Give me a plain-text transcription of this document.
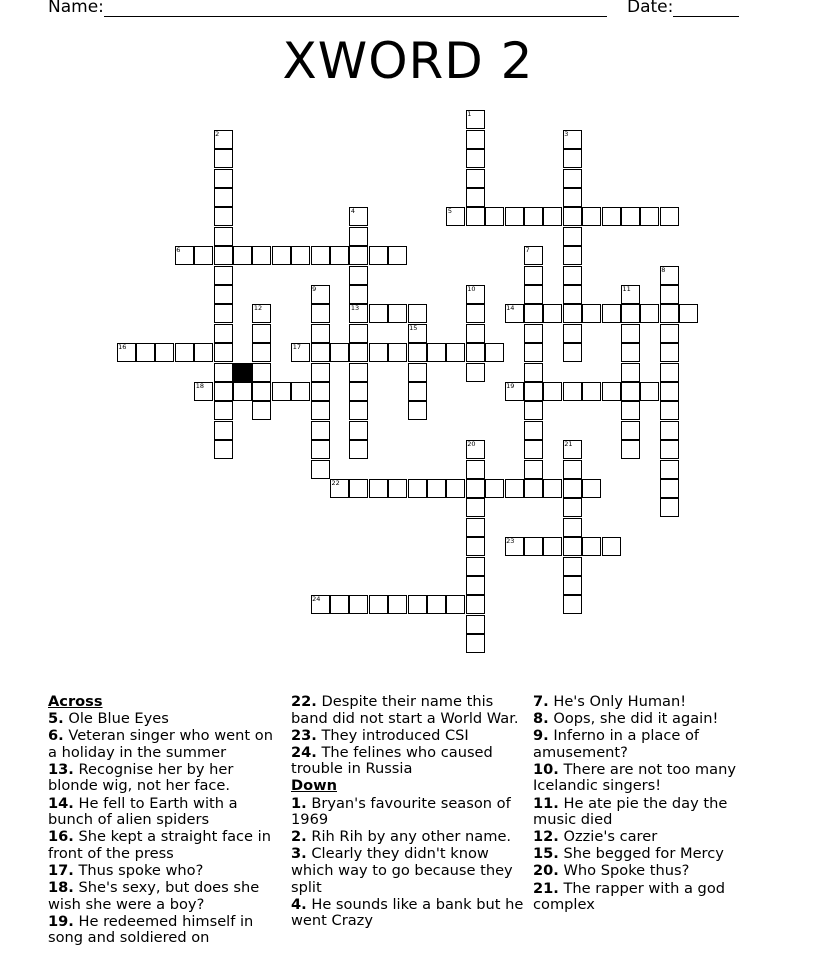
Name:	Date:
XWORD 2
1
2	3
4	5
6	7
8
9	10	11
12	13	14
15
16	17
18	19
20	21
22
23
24
Across
5. Ole Blue Eyes
6. Veteran singer who went on a holiday in the summer
13. Recognise her by her blonde wig, not her face.
14. He fell to Earth with a bunch of alien spiders
16. She kept a straight face in front of the press
17. Thus spoke who?
18. She's sexy, but does she wish she were a boy?
19. He redeemed himself in song and soldiered on
22. Despite their name this band did not start a World War.
23. They introduced CSI
24. The felines who caused trouble in Russia
Down
1. Bryan's favourite season of 1969
2. Rih Rih by any other name.
3. Clearly they didn't know which way to go because they split
4. He sounds like a bank but he went Crazy
7. He's Only Human!
8. Oops, she did it again!
9. Inferno in a place of amusement?
10. There are not too many Icelandic singers!
11. He ate pie the day the music died
12. Ozzie's carer
15. She begged for Mercy
20. Who Spoke thus?
21. The rapper with a god complex
